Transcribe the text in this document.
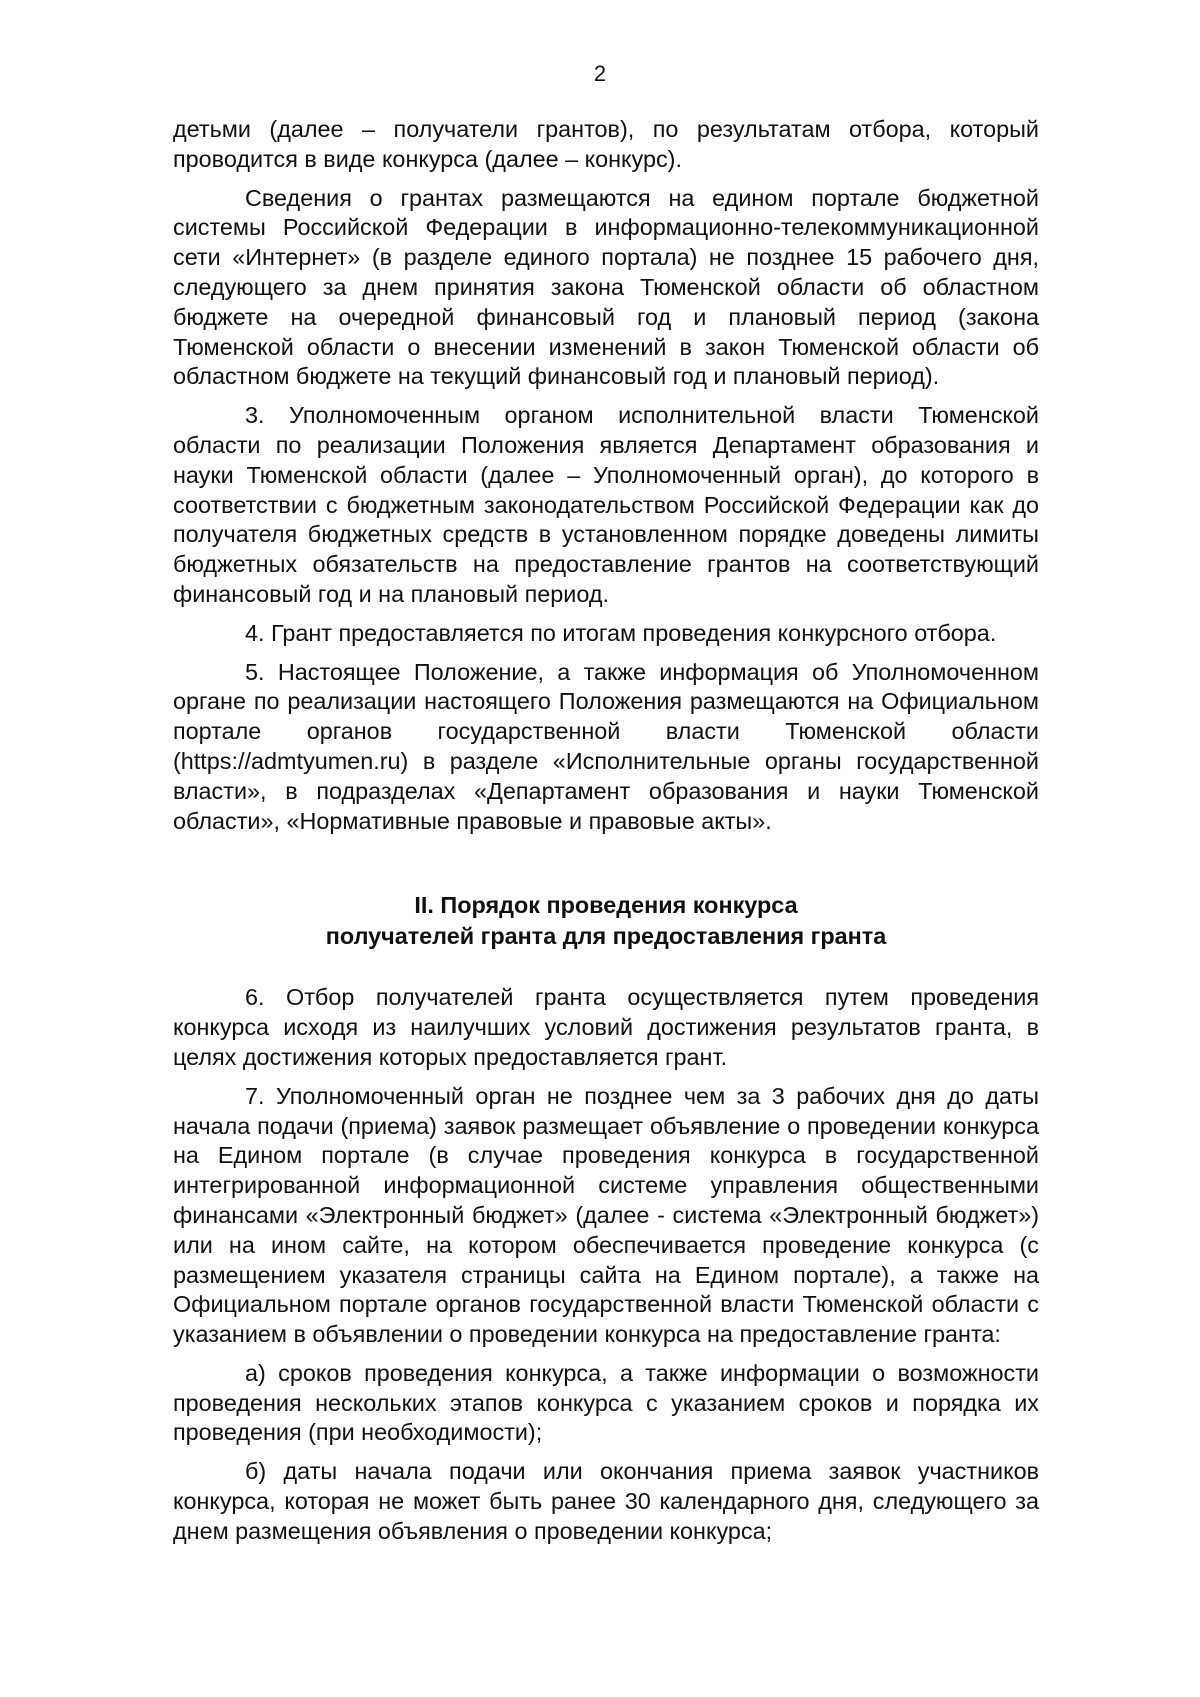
2

детьми (далее – получатели грантов), по результатам отбора, который проводится в виде конкурса (далее – конкурс).

Сведения о грантах размещаются на едином портале бюджетной системы Российской Федерации в информационно-телекоммуникационной сети «Интернет» (в разделе единого портала) не позднее 15 рабочего дня, следующего за днем принятия закона Тюменской области об областном бюджете на очередной финансовый год и плановый период (закона Тюменской области о внесении изменений в закон Тюменской области об областном бюджете на текущий финансовый год и плановый период).

3. Уполномоченным органом исполнительной власти Тюменской области по реализации Положения является Департамент образования и науки Тюменской области (далее – Уполномоченный орган), до которого в соответствии с бюджетным законодательством Российской Федерации как до получателя бюджетных средств в установленном порядке доведены лимиты бюджетных обязательств на предоставление грантов на соответствующий финансовый год и на плановый период.

4. Грант предоставляется по итогам проведения конкурсного отбора.

5. Настоящее Положение, а также информация об Уполномоченном органе по реализации настоящего Положения размещаются на Официальном портале органов государственной власти Тюменской области (https://admtyumen.ru) в разделе «Исполнительные органы государственной власти», в подразделах «Департамент образования и науки Тюменской области», «Нормативные правовые и правовые акты».

II. Порядок проведения конкурса
получателей гранта для предоставления гранта

6. Отбор получателей гранта осуществляется путем проведения конкурса исходя из наилучших условий достижения результатов гранта, в целях достижения которых предоставляется грант.

7. Уполномоченный орган не позднее чем за 3 рабочих дня до даты начала подачи (приема) заявок размещает объявление о проведении конкурса на Едином портале (в случае проведения конкурса в государственной интегрированной информационной системе управления общественными финансами «Электронный бюджет» (далее - система «Электронный бюджет») или на ином сайте, на котором обеспечивается проведение конкурса (с размещением указателя страницы сайта на Едином портале), а также на Официальном портале органов государственной власти Тюменской области с указанием в объявлении о проведении конкурса на предоставление гранта:

а) сроков проведения конкурса, а также информации о возможности проведения нескольких этапов конкурса с указанием сроков и порядка их проведения (при необходимости);

б) даты начала подачи или окончания приема заявок участников конкурса, которая не может быть ранее 30 календарного дня, следующего за днем размещения объявления о проведении конкурса;
